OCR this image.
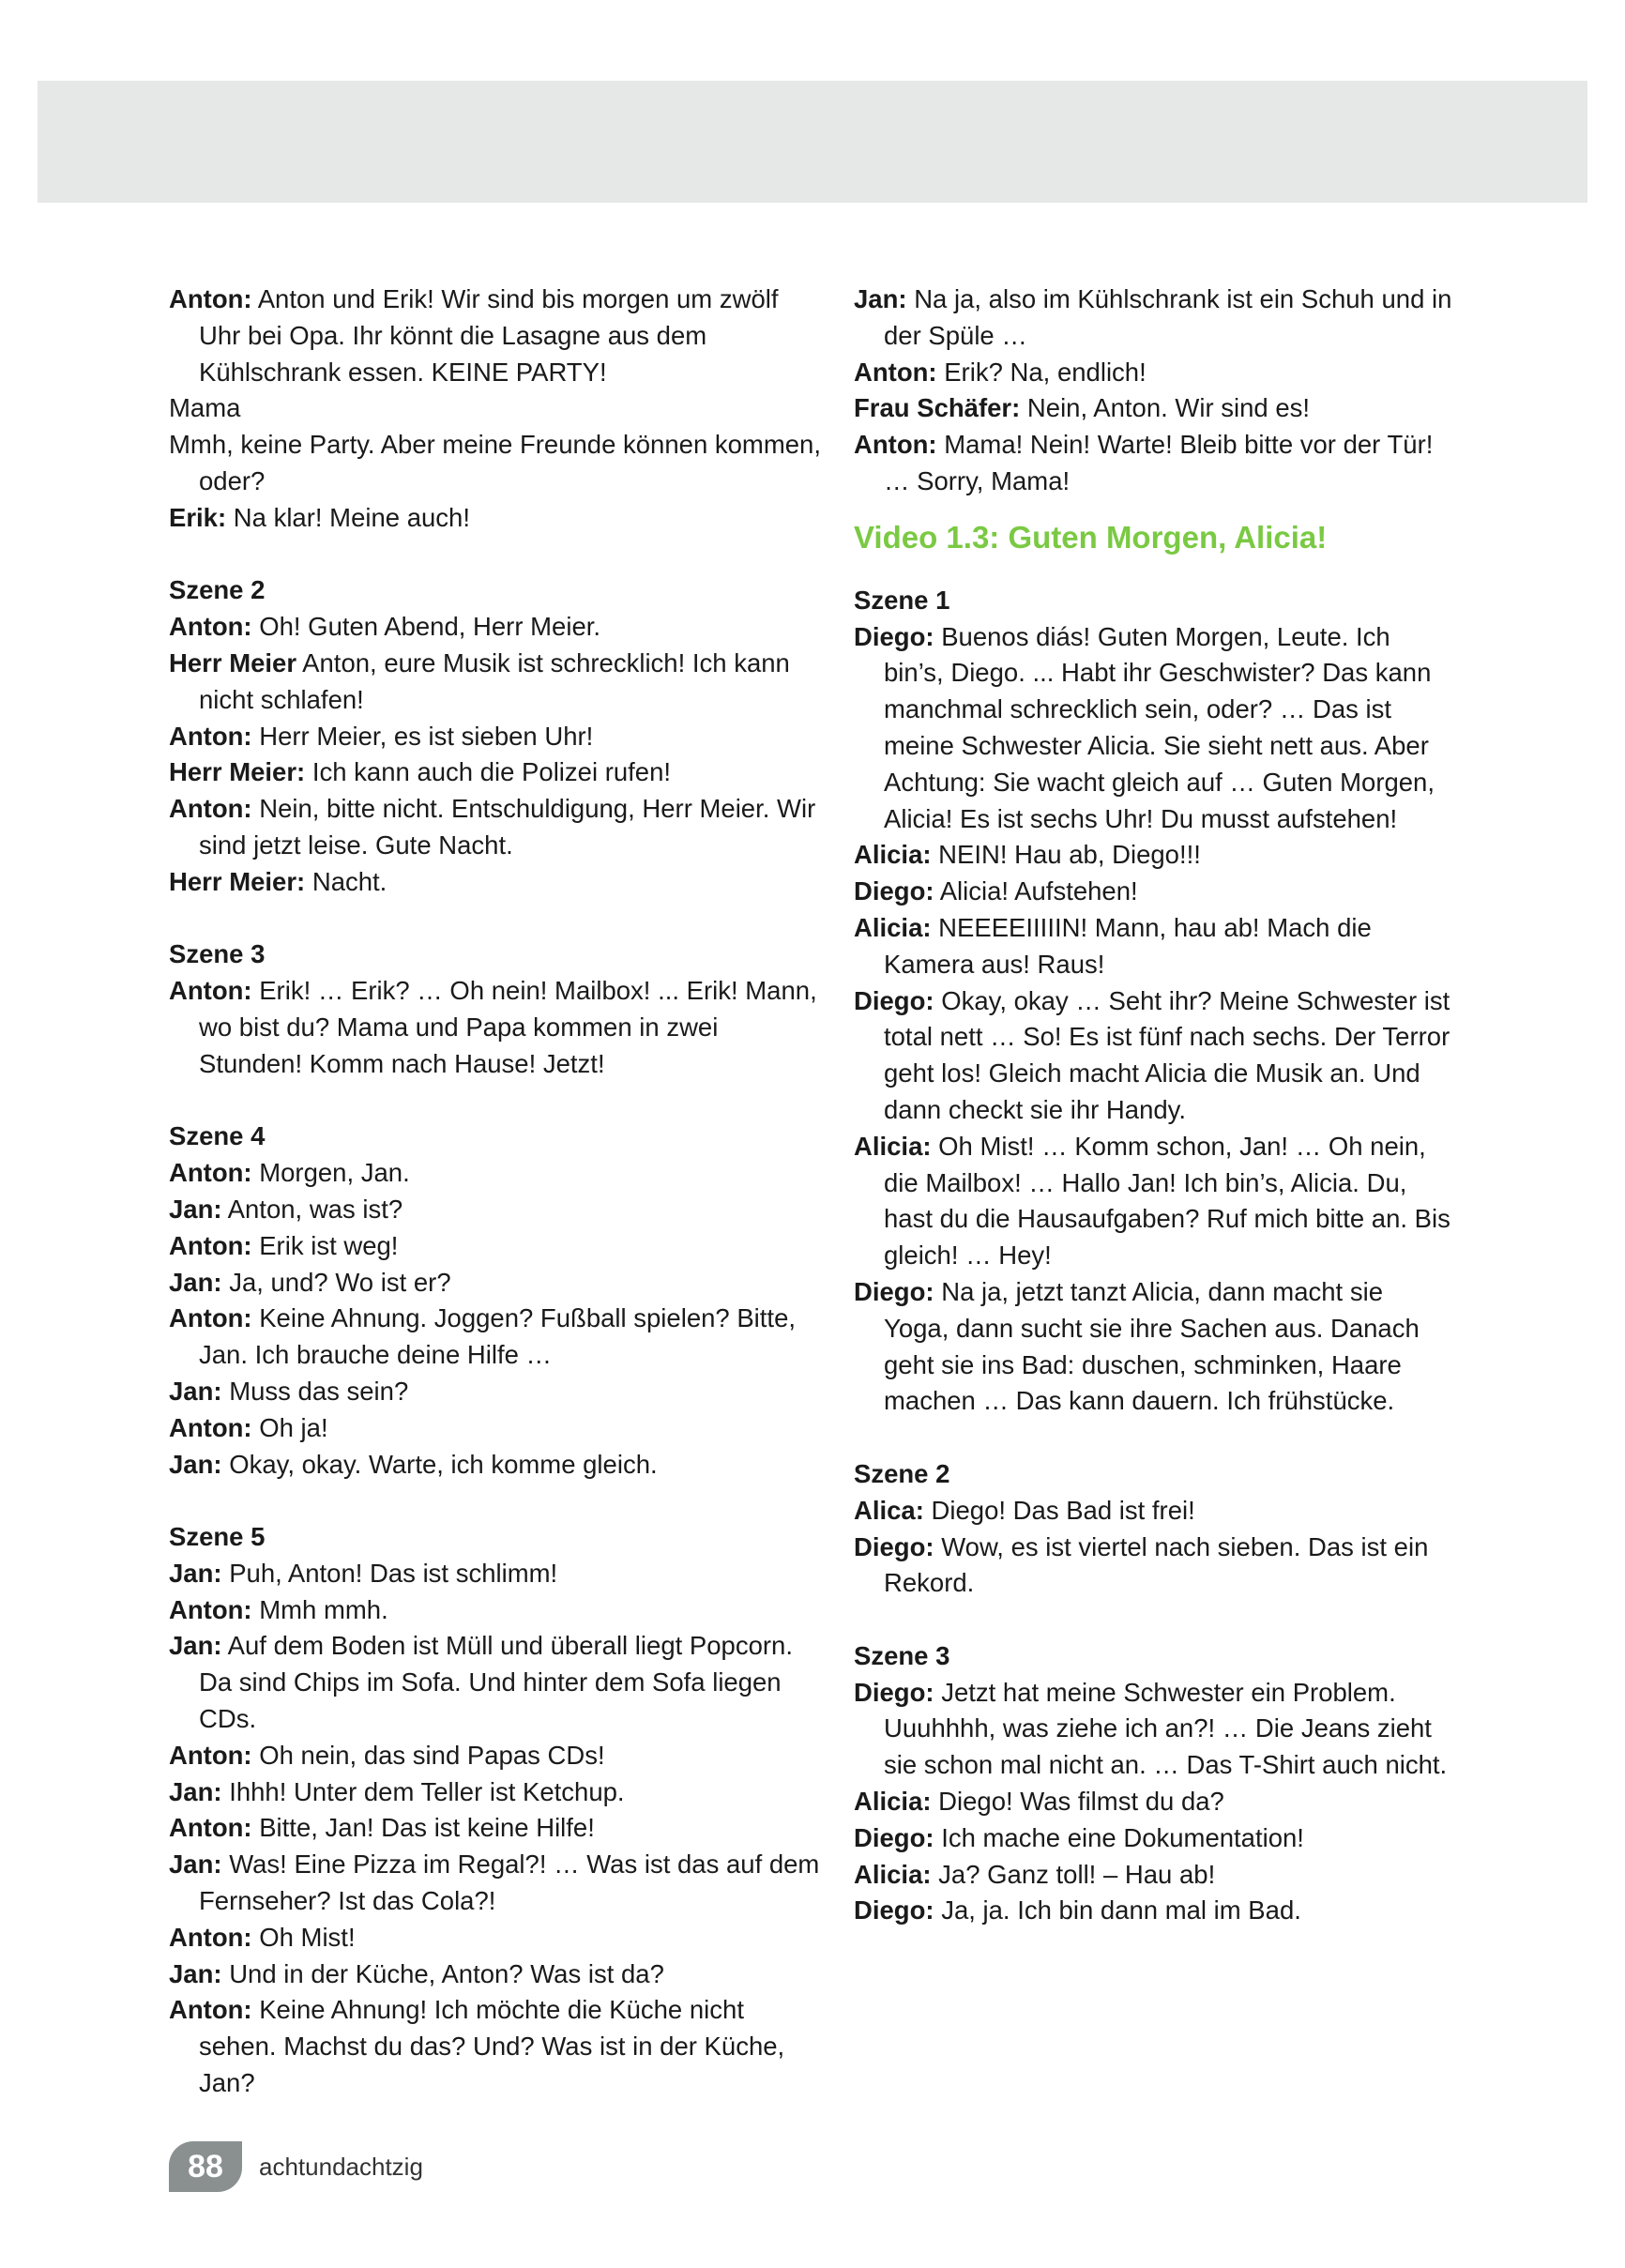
Anton: Anton und Erik! Wir sind bis morgen um zwölf Uhr bei Opa. Ihr könnt die Lasagne aus dem Kühlschrank essen. KEINE PARTY!
Mama
Mmh, keine Party. Aber meine Freunde können kommen, oder?

Erik: Na klar! Meine auch!

Szene 2

Anton: Oh! Guten Abend, Herr Meier.

Herr Meier Anton, eure Musik ist schrecklich! Ich kann nicht schlafen!

Anton: Herr Meier, es ist sieben Uhr!

Herr Meier: Ich kann auch die Polizei rufen!

Anton: Nein, bitte nicht. Entschuldigung, Herr Meier. Wir sind jetzt leise. Gute Nacht.

Herr Meier: Nacht.

Szene 3

Anton: Erik! … Erik? … Oh nein! Mailbox! ... Erik! Mann, wo bist du? Mama und Papa kommen in zwei Stunden! Komm nach Hause! Jetzt!

Szene 4

Anton: Morgen, Jan.

Jan: Anton, was ist?

Anton: Erik ist weg!

Jan: Ja, und? Wo ist er?

Anton: Keine Ahnung. Joggen? Fußball spielen? Bitte, Jan. Ich brauche deine Hilfe …

Jan: Muss das sein?

Anton: Oh ja!

Jan: Okay, okay. Warte, ich komme gleich.

Szene 5

Jan: Puh, Anton! Das ist schlimm!

Anton: Mmh mmh.

Jan: Auf dem Boden ist Müll und überall liegt Popcorn. Da sind Chips im Sofa. Und hinter dem Sofa liegen CDs.

Anton: Oh nein, das sind Papas CDs!

Jan: Ihhh! Unter dem Teller ist Ketchup.

Anton: Bitte, Jan! Das ist keine Hilfe!

Jan: Was! Eine Pizza im Regal?! … Was ist das auf dem Fernseher? Ist das Cola?!

Anton: Oh Mist!

Jan: Und in der Küche, Anton? Was ist da?

Anton: Keine Ahnung! Ich möchte die Küche nicht sehen. Machst du das? Und? Was ist in der Küche, Jan?

Jan: Na ja, also im Kühlschrank ist ein Schuh und in der Spüle …

Anton: Erik? Na, endlich!

Frau Schäfer: Nein, Anton. Wir sind es!

Anton: Mama! Nein! Warte! Bleib bitte vor der Tür! … Sorry, Mama!

Video 1.3: Guten Morgen, Alicia!

Szene 1

Diego: Buenos diás! Guten Morgen, Leute. Ich bin’s, Diego. ... Habt ihr Geschwister? Das kann manchmal schrecklich sein, oder? … Das ist meine Schwester Alicia. Sie sieht nett aus. Aber Achtung: Sie wacht gleich auf … Guten Morgen, Alicia! Es ist sechs Uhr! Du musst aufstehen!

Alicia: NEIN! Hau ab, Diego!!!

Diego: Alicia! Aufstehen!

Alicia: NEEEEIIIIIN! Mann, hau ab! Mach die Kamera aus! Raus!

Diego: Okay, okay … Seht ihr? Meine Schwester ist total nett … So! Es ist fünf nach sechs. Der Terror geht los! Gleich macht Alicia die Musik an. Und dann checkt sie ihr Handy.

Alicia: Oh Mist! … Komm schon, Jan! … Oh nein, die Mailbox! … Hallo Jan! Ich bin’s, Alicia. Du, hast du die Hausaufgaben? Ruf mich bitte an. Bis gleich! … Hey!

Diego: Na ja, jetzt tanzt Alicia, dann macht sie Yoga, dann sucht sie ihre Sachen aus. Danach geht sie ins Bad: duschen, schminken, Haare machen … Das kann dauern. Ich frühstücke.

Szene 2

Alica: Diego! Das Bad ist frei!

Diego: Wow, es ist viertel nach sieben. Das ist ein Rekord.

Szene 3

Diego: Jetzt hat meine Schwester ein Problem. Uuuhhhh, was ziehe ich an?! … Die Jeans zieht sie schon mal nicht an. … Das T-Shirt auch nicht.

Alicia: Diego! Was filmst du da?

Diego: Ich mache eine Dokumentation!

Alicia: Ja? Ganz toll! – Hau ab!

Diego: Ja, ja. Ich bin dann mal im Bad.

88	achtundachtzig
